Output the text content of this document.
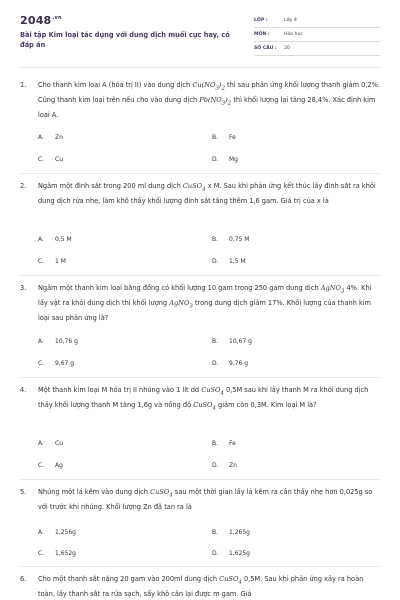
$2048^{.vn}$
Bài tập Kim loại tác dụng với dung dịch muối cực hay, có đáp án
LỚP :	Lớp 9
MÔN :	Hóa học
SỐ CÂU : 20
1.	Cho thanh kim loại A (hóa trị II) vào dung dịch $Cu(NO_3)_2$ thì sau phản ứng khối lượng thanh giảm 0,2%. Cũng thanh kim loại trên nếu cho vào dung dịch $Pb(NO_3)_2$ thì khối lượng lại tăng 28,4%. Xác định kim loại A.
A. Zn	B. Fe
C. Cu	D. Mg
2.	Ngâm một đinh sắt trong 200 ml dung dịch CuSO$_4$ x M. Sau khi phản ứng kết thúc lấy đinh sắt ra khỏi dung dịch rửa nhẹ, làm khô thấy khối lượng đinh sắt tăng thêm 1,6 gam. Giá trị của x là
A. 0,5 M	B. 0,75 M
C. 1 M	D. 1,5 M
3.	Ngâm một thanh kim loại bằng đồng có khối lượng 10 gam trong 250 gam dung dịch AgNO$_3$ 4%. Khi lấy vật ra khỏi dung dịch thì khối lượng AgNO$_3$ trong dung dịch giảm 17%. Khối lượng của thanh kim loại sau phản ứng là?
A. 10,76 g	B. 10,67 g
C. 9,67 g	D. 9,76 g
4.	Một thanh kim loại M hóa trị II nhúng vào 1 lít dd CuSO$_4$ 0,5M sau khi lấy thanh M ra khỏi dung dịch thấy khối lượng thanh M tăng 1,6g và nồng độ CuSO$_4$ giảm còn 0,3M. Kim loại M là?
A. Cu	B. Fe
C. Ag	D. Zn
5.	Nhúng một lá kẽm vào dung dịch CuSO$_4$ sau một thời gian lấy lá kẽm ra cân thấy nhẹ hơn 0,025g so với trước khi nhúng. Khối lượng Zn đã tan ra là
A. 1,256g	B. 1,265g
C. 1,652g	D. 1,625g
6.	Cho một thanh sắt nặng 20 gam vào 200ml dung dịch CuSO$_4$ 0,5M. Sau khi phản ứng xảy ra hoàn toàn, lấy thanh sắt ra rửa sạch, sấy khô cân lại được m gam. Giá
